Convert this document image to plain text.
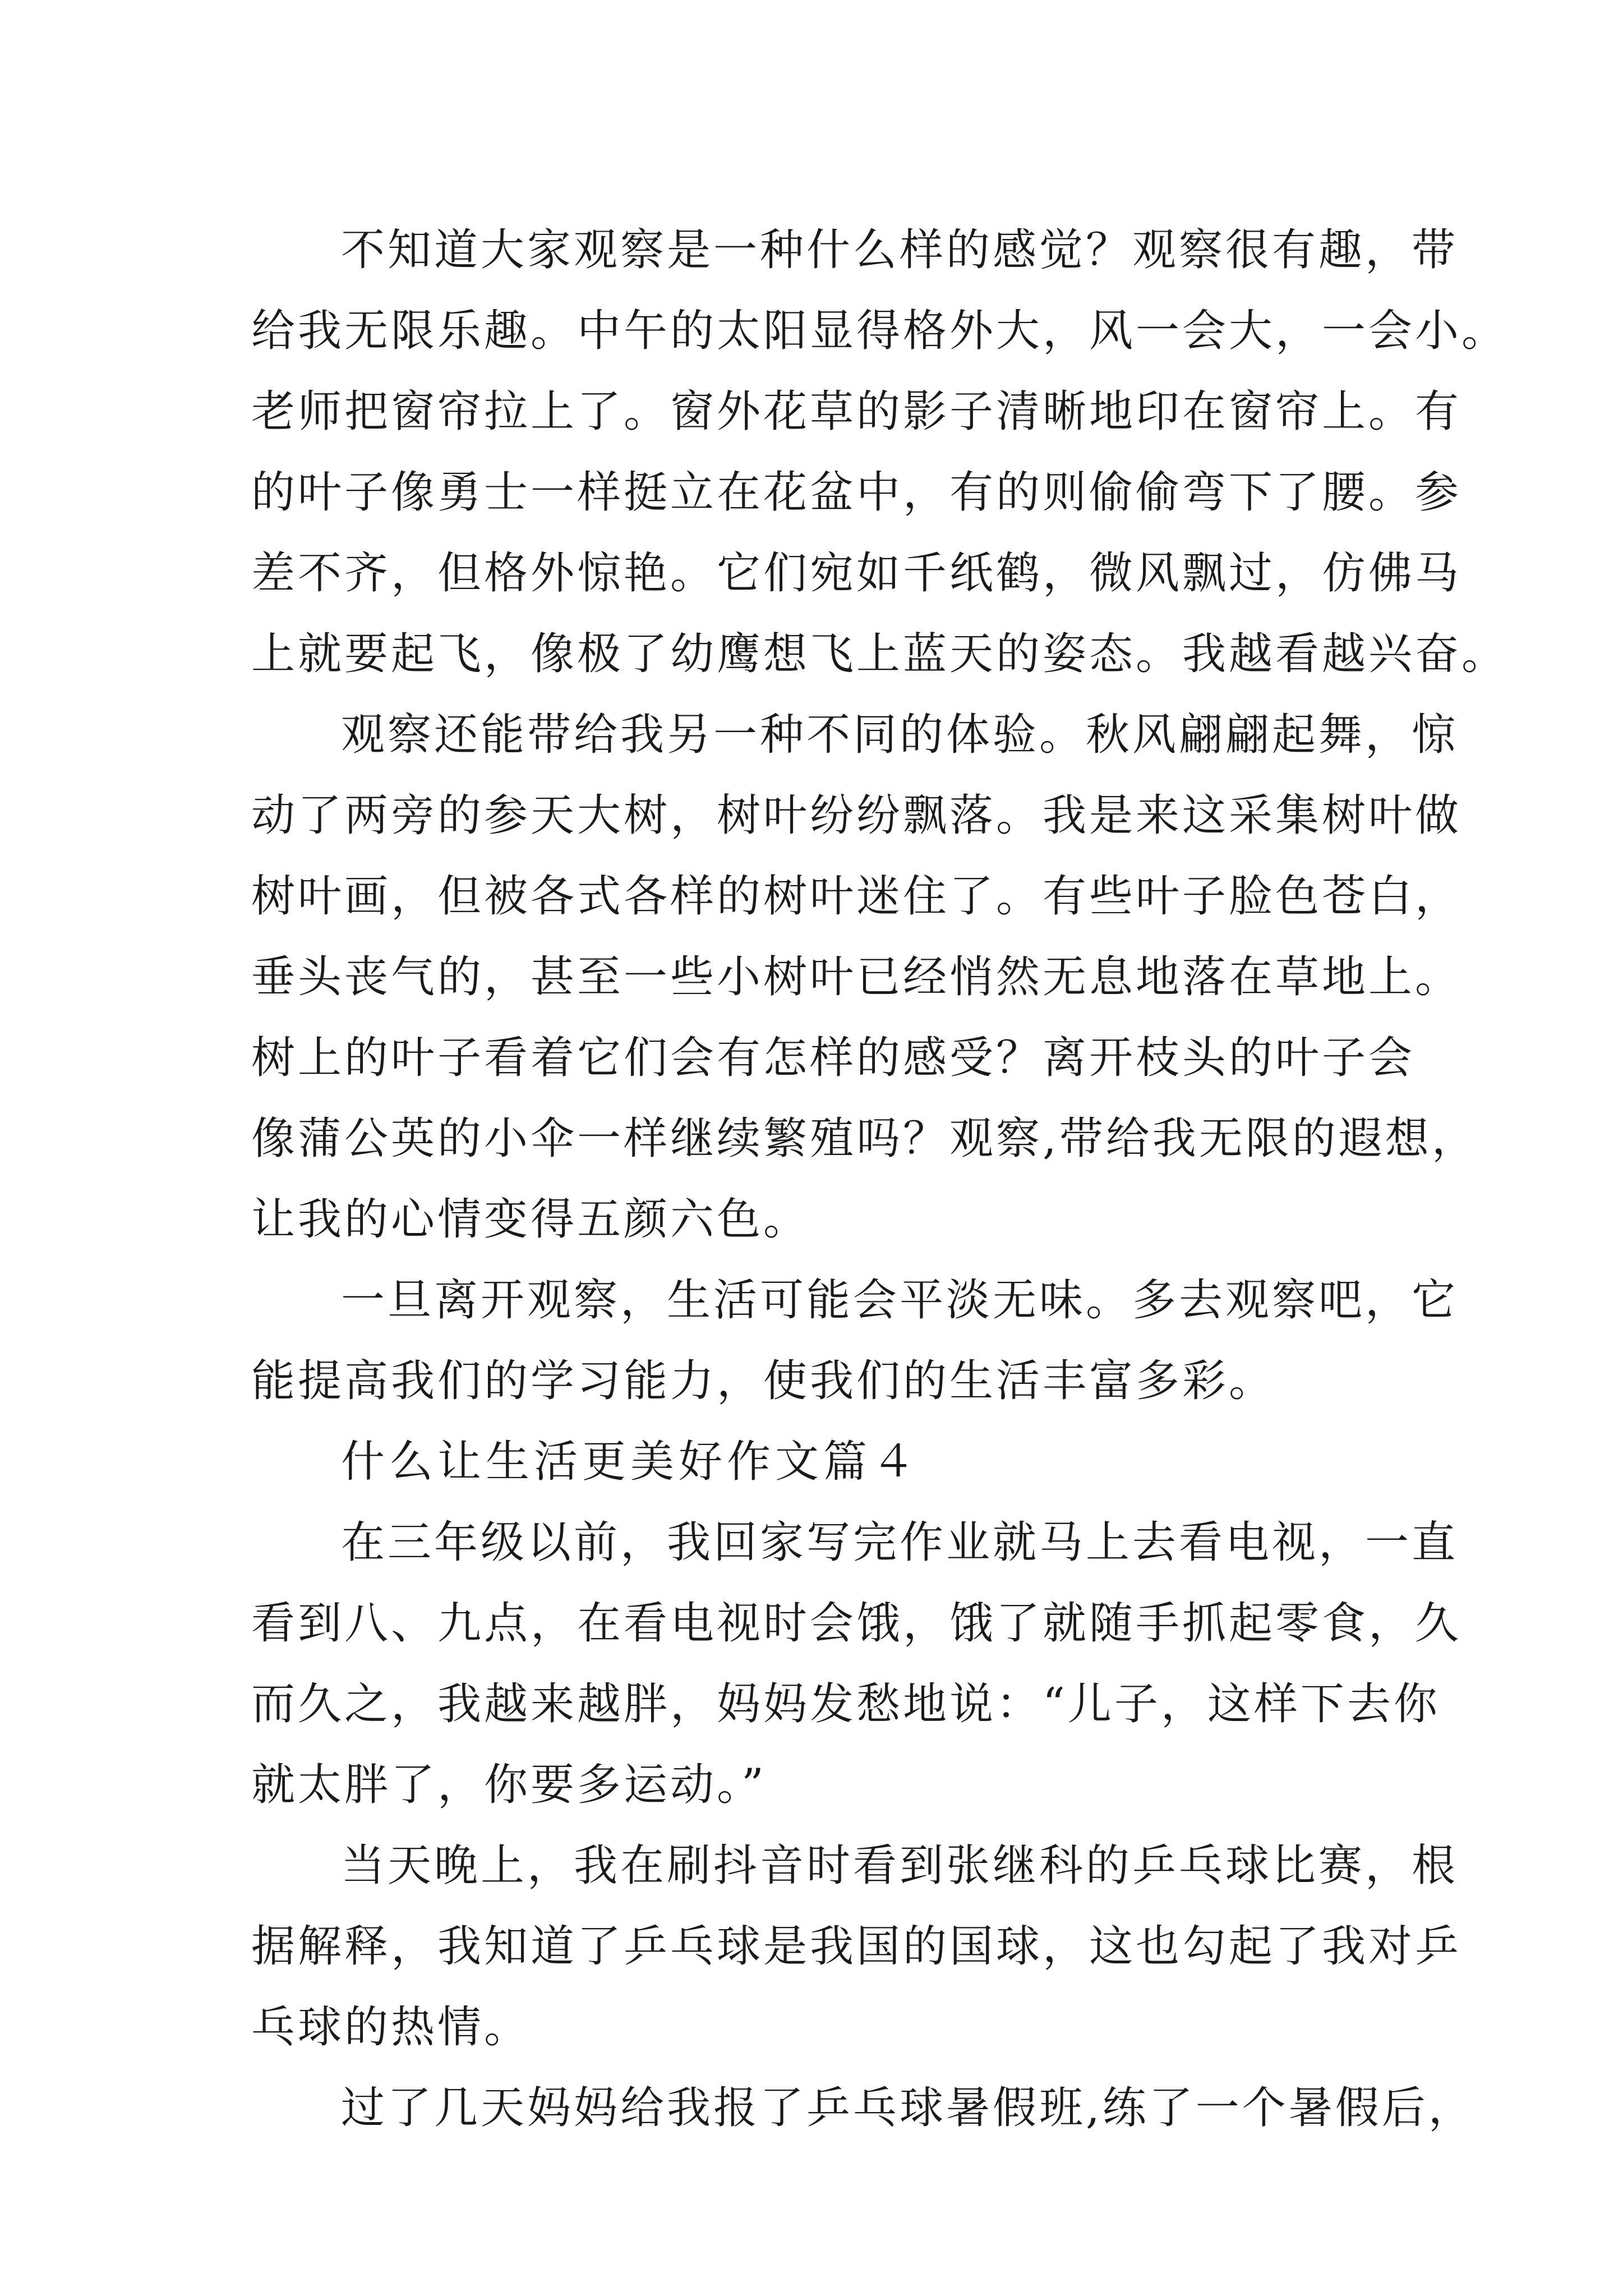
不知道大家观察是一种什么样的感觉？观察很有趣，带
给我无限乐趣。中午的太阳显得格外大，风一会大，一会小。
老师把窗帘拉上了。窗外花草的影子清晰地印在窗帘上。有
的叶子像勇士一样挺立在花盆中，有的则偷偷弯下了腰。参
差不齐，但格外惊艳。它们宛如千纸鹤，微风飘过，仿佛马
上就要起飞，像极了幼鹰想飞上蓝天的姿态。我越看越兴奋。
观察还能带给我另一种不同的体验。秋风翩翩起舞，惊
动了两旁的参天大树，树叶纷纷飘落。我是来这采集树叶做
树叶画，但被各式各样的树叶迷住了。有些叶子脸色苍白，
垂头丧气的，甚至一些小树叶已经悄然无息地落在草地上。
树上的叶子看着它们会有怎样的感受？离开枝头的叶子会
像蒲公英的小伞一样继续繁殖吗？观察,带给我无限的遐想，
让我的心情变得五颜六色。
一旦离开观察，生活可能会平淡无味。多去观察吧，它
能提高我们的学习能力，使我们的生活丰富多彩。
什么让生活更美好作文篇４
在三年级以前，我回家写完作业就马上去看电视，一直
看到八、九点，在看电视时会饿，饿了就随手抓起零食，久
而久之，我越来越胖，妈妈发愁地说：“儿子，这样下去你
就太胖了，你要多运动。”
当天晚上，我在刷抖音时看到张继科的乒乓球比赛，根
据解释，我知道了乒乓球是我国的国球，这也勾起了我对乒
乓球的热情。
过了几天妈妈给我报了乒乓球暑假班,练了一个暑假后，
